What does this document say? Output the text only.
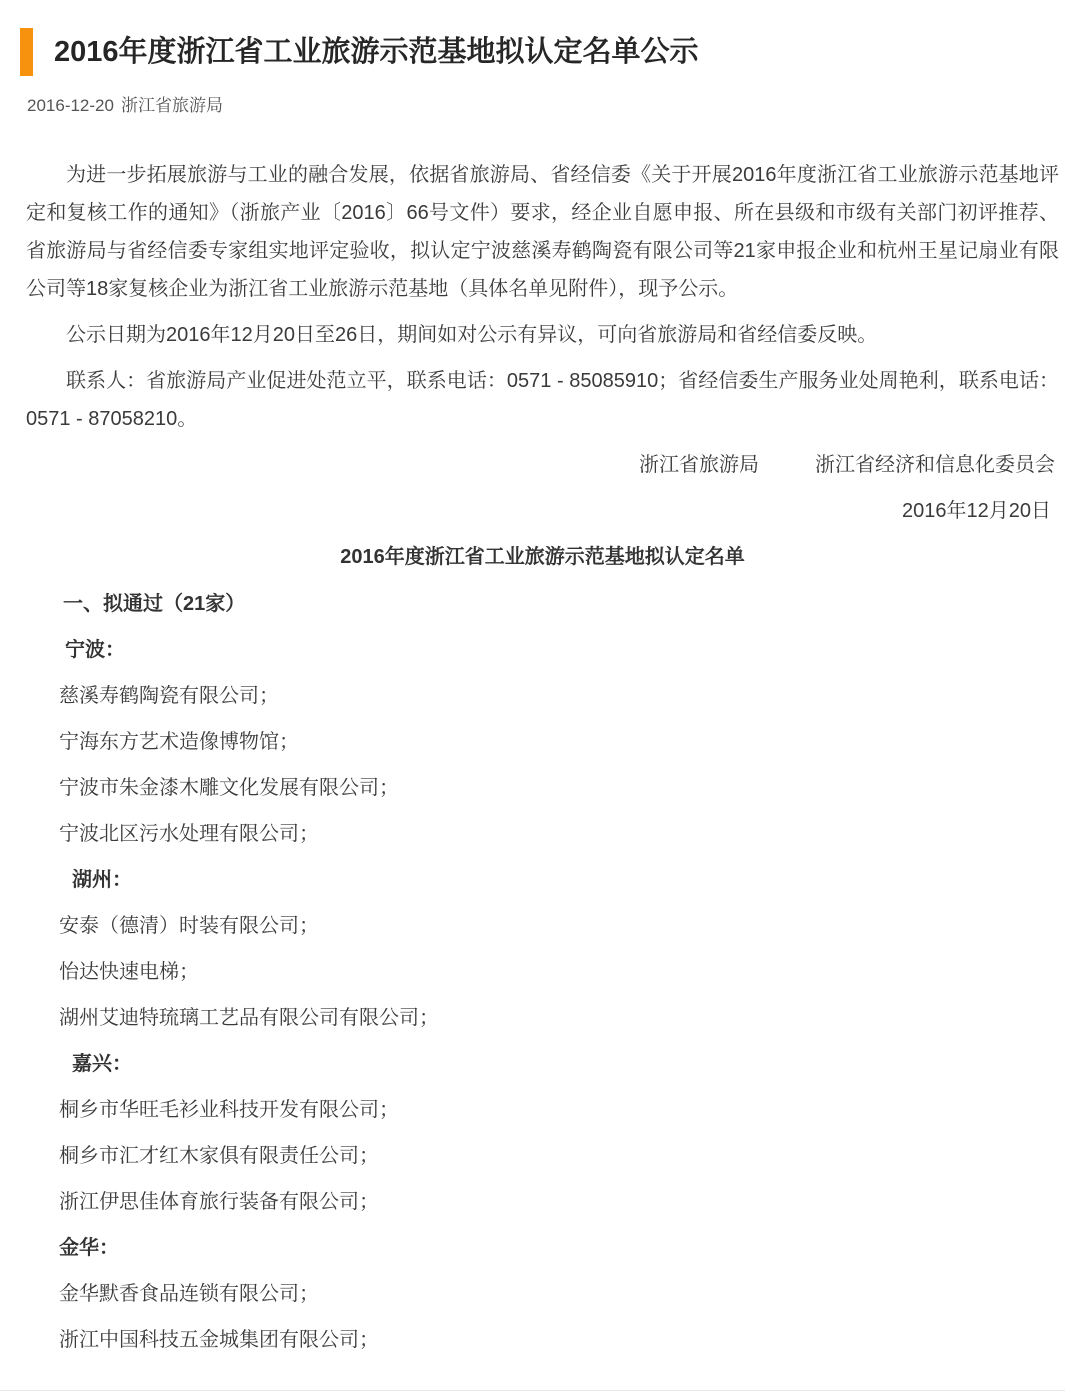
2016年度浙江省工业旅游示范基地拟认定名单公示
2016-12-20 浙江省旅游局

为进一步拓展旅游与工业的融合发展，依据省旅游局、省经信委《关于开展2016年度浙江省工业旅游示范基地评定和复核工作的通知》（浙旅产业〔2016〕66号文件）要求，经企业自愿申报、所在县级和市级有关部门初评推荐、省旅游局与省经信委专家组实地评定验收，拟认定宁波慈溪寿鹤陶瓷有限公司等21家申报企业和杭州王星记扇业有限公司等18家复核企业为浙江省工业旅游示范基地（具体名单见附件），现予公示。

公示日期为2016年12月20日至26日，期间如对公示有异议，可向省旅游局和省经信委反映。

联系人：省旅游局产业促进处范立平，联系电话：0571 - 85085910；省经信委生产服务业处周艳利，联系电话：0571 - 87058210。

浙江省旅游局	浙江省经济和信息化委员会
2016年12月20日
2016年度浙江省工业旅游示范基地拟认定名单
一、拟通过（21家）
宁波：
慈溪寿鹤陶瓷有限公司；
宁海东方艺术造像博物馆；
宁波市朱金漆木雕文化发展有限公司；
宁波北区污水处理有限公司；
湖州：
安泰（德清）时装有限公司；
怡达快速电梯；
湖州艾迪特琉璃工艺品有限公司有限公司；
嘉兴：
桐乡市华旺毛衫业科技开发有限公司；
桐乡市汇才红木家俱有限责任公司；
浙江伊思佳体育旅行装备有限公司；
金华：
金华默香食品连锁有限公司；
浙江中国科技五金城集团有限公司；
